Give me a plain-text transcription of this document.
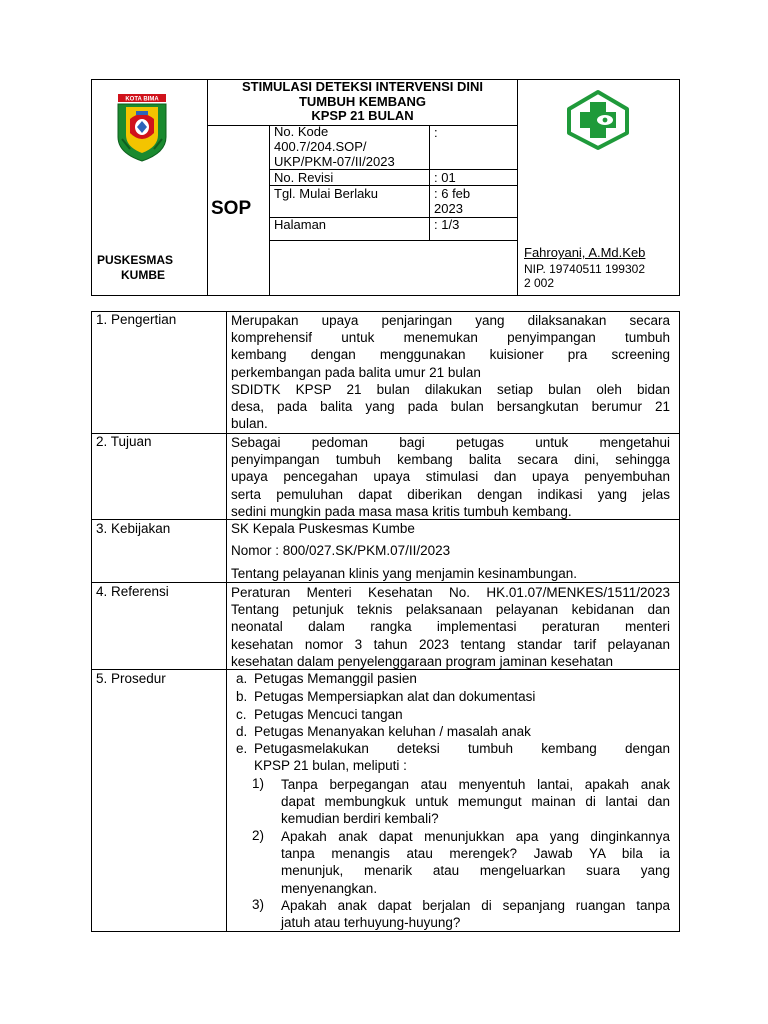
KOTA BIMA
PUSKESMAS
KUMBE
STIMULASI DETEKSI INTERVENSI DINI
TUMBUH KEMBANG
KPSP 21 BULAN
SOP
No. Kode
400.7/204.SOP/
UKP/PKM-07/II/2023
:
No. Revisi	: 01
Tgl. Mulai Berlaku	: 6 feb
2023
Halaman	: 1/3
Fahroyani, A.Md.Keb
NIP. 19740511 199302
2 002
1. Pengertian	Merupakan upaya penjaringan yang dilaksanakan secara
komprehensif untuk menemukan penyimpangan tumbuh
kembang dengan menggunakan kuisioner pra screening
perkembangan pada balita umur 21 bulan
SDIDTK KPSP 21 bulan dilakukan setiap bulan oleh bidan
desa, pada balita yang pada bulan bersangkutan berumur 21
bulan.
2. Tujuan	Sebagai pedoman bagi petugas untuk mengetahui
penyimpangan tumbuh kembang balita secara dini, sehingga
upaya pencegahan upaya stimulasi dan upaya penyembuhan
serta pemuluhan dapat diberikan dengan indikasi yang jelas
sedini mungkin pada masa masa kritis tumbuh kembang.
3. Kebijakan	SK Kepala Puskesmas Kumbe
Nomor : 800/027.SK/PKM.07/II/2023
Tentang pelayanan klinis yang menjamin kesinambungan.
4. Referensi	Peraturan Menteri Kesehatan No. HK.01.07/MENKES/1511/2023
Tentang petunjuk teknis pelaksanaan pelayanan kebidanan dan
neonatal dalam rangka implementasi peraturan menteri
kesehatan nomor 3 tahun 2023 tentang standar tarif pelayanan
kesehatan dalam penyelenggaraan program jaminan kesehatan
5. Prosedur	a. Petugas Memanggil pasien
b. Petugas Mempersiapkan alat dan dokumentasi
c. Petugas Mencuci tangan
d. Petugas Menanyakan keluhan / masalah anak
e. Petugasmelakukan deteksi tumbuh kembang dengan
KPSP 21 bulan, meliputi :
1) Tanpa berpegangan atau menyentuh lantai, apakah anak
dapat membungkuk untuk memungut mainan di lantai dan
kemudian berdiri kembali?
2) Apakah anak dapat menunjukkan apa yang dinginkannya
tanpa menangis atau merengek? Jawab YA bila ia
menunjuk, menarik atau mengeluarkan suara yang
menyenangkan.
3) Apakah anak dapat berjalan di sepanjang ruangan tanpa
jatuh atau terhuyung-huyung?
